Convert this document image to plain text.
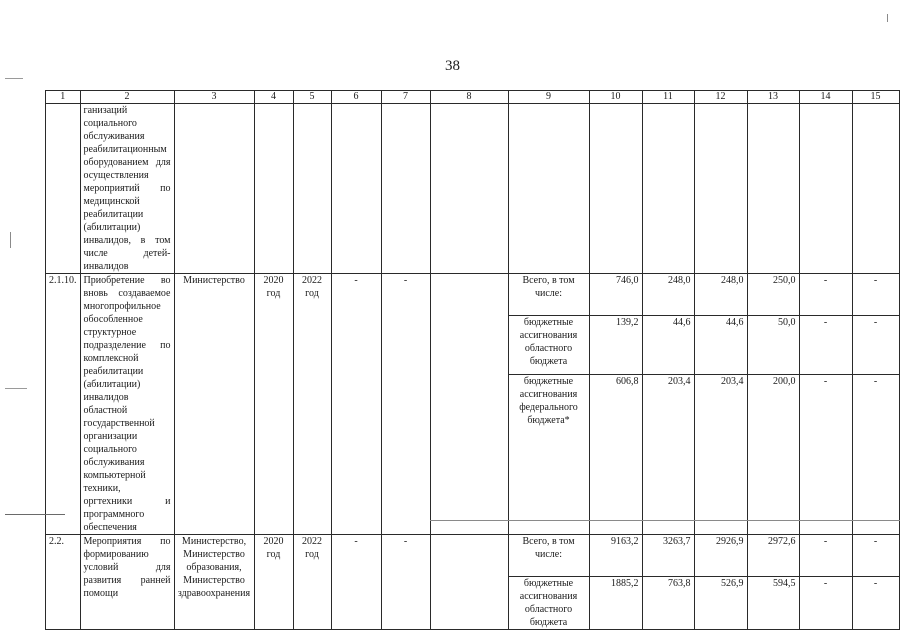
38
1	2	3	4	5	6	7	8	9	10	11	12	13	14	15
	ганизаций социального обслуживания реабилитационным оборудованием для осуществления мероприятий по медицинской реабилитации (абилитации) инвалидов, в том числе детей-инвалидов													
2.1.10.	Приобретение во вновь создаваемое многопрофильное обособленное структурное подразделение по комплексной реабилитации (абилитации) инвалидов областной государственной организации социального обслуживания компьютерной техники, оргтехники и программного обеспечения	Министерство	2020 год	2022 год	-	-		Всего, в том числе:	746,0	248,0	248,0	250,0	-	-
								бюджетные ассигнования областного бюджета	139,2	44,6	44,6	50,0	-	-
								бюджетные ассигнования федерального бюджета*	606,8	203,4	203,4	200,0	-	-
2.2.	Мероприятия по формированию условий для развития ранней помощи	Министерство, Министерство образования, Министерство здравоохранения	2020 год	2022 год	-	-		Всего, в том числе:	9163,2	3263,7	2926,9	2972,6	-	-
								бюджетные ассигнования областного бюджета	1885,2	763,8	526,9	594,5	-	-
